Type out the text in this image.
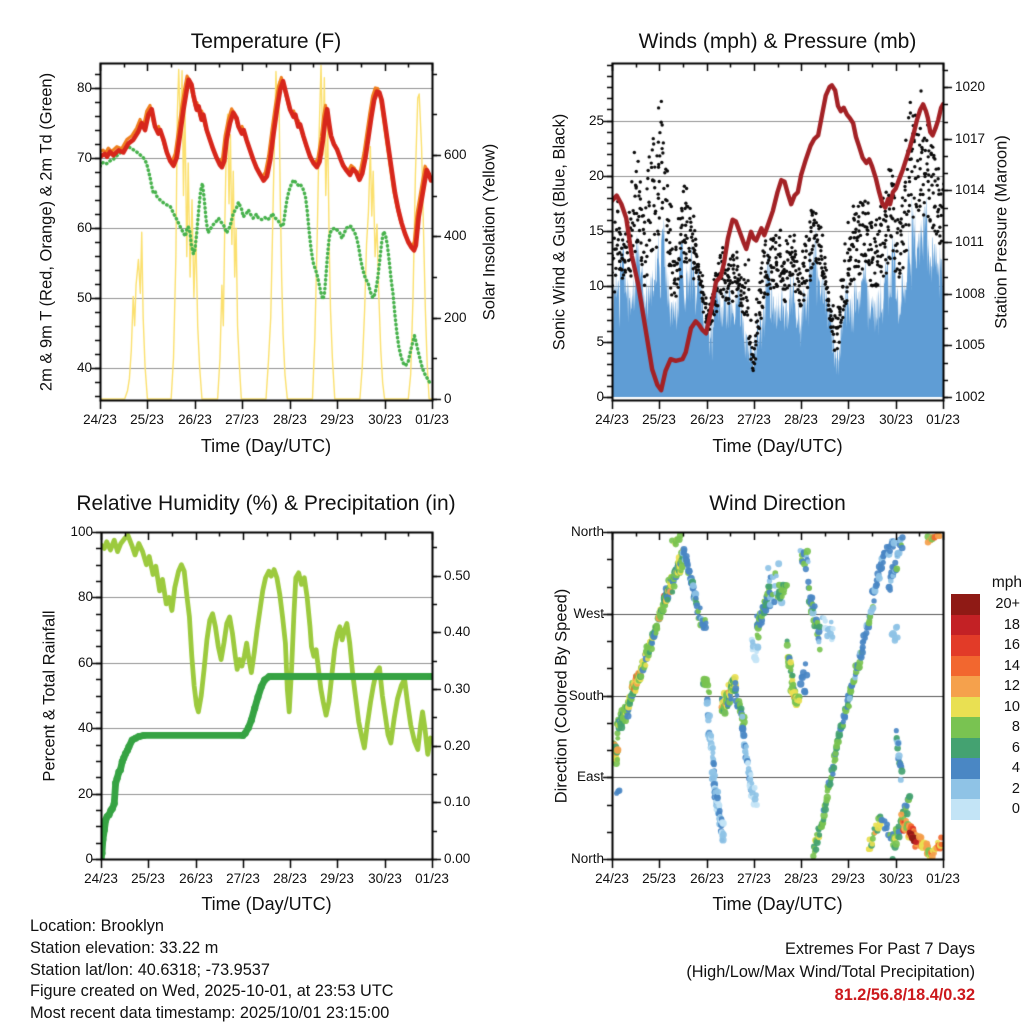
Temperature (F)	Winds (mph) & Pressure (mb)
Relative Humidity (%) & Precipitation (in)	Wind Direction
2m & 9m T (Red, Orange) & 2m Td (Green)	Solar Insolation (Yellow)	Sonic Wind & Gust (Blue, Black)	Station Pressure (Maroon)
Percent & Total Rainfall	Direction (Colored By Speed)
Time (Day/UTC)	Time (Day/UTC)
Time (Day/UTC)	Time (Day/UTC)
mph
Location: Brooklyn
Station elevation: 33.22 m
Station lat/lon: 40.6318; -73.9537
Figure created on Wed, 2025-10-01, at 23:53 UTC
Most recent data timestamp: 2025/10/01 23:15:00
Extremes For Past 7 Days
(High/Low/Max Wind/Total Precipitation)
81.2/56.8/18.4/0.32
24/23 25/23	26/23 27/23	28/23 29/23	30/23 01/23
40
50
60
70
80
0
200
400
600
24/23 25/23	26/23 27/23 28/23 29/23	30/23 01/23
0
5
10
15
20
25
1002
1005
1008
1011
1014
1017
1020
24/23 25/23	26/23 27/23 28/23 29/23	30/23 01/23
0
20
40
60
80
100
0.00
0.10
0.20
0.30
0.40
0.50
24/23 25/23	26/23 27/23 28/23 29/23	30/23 01/23
North
West
South
East
North
20+
18
16
14
12
10
8
6
4
2
0
